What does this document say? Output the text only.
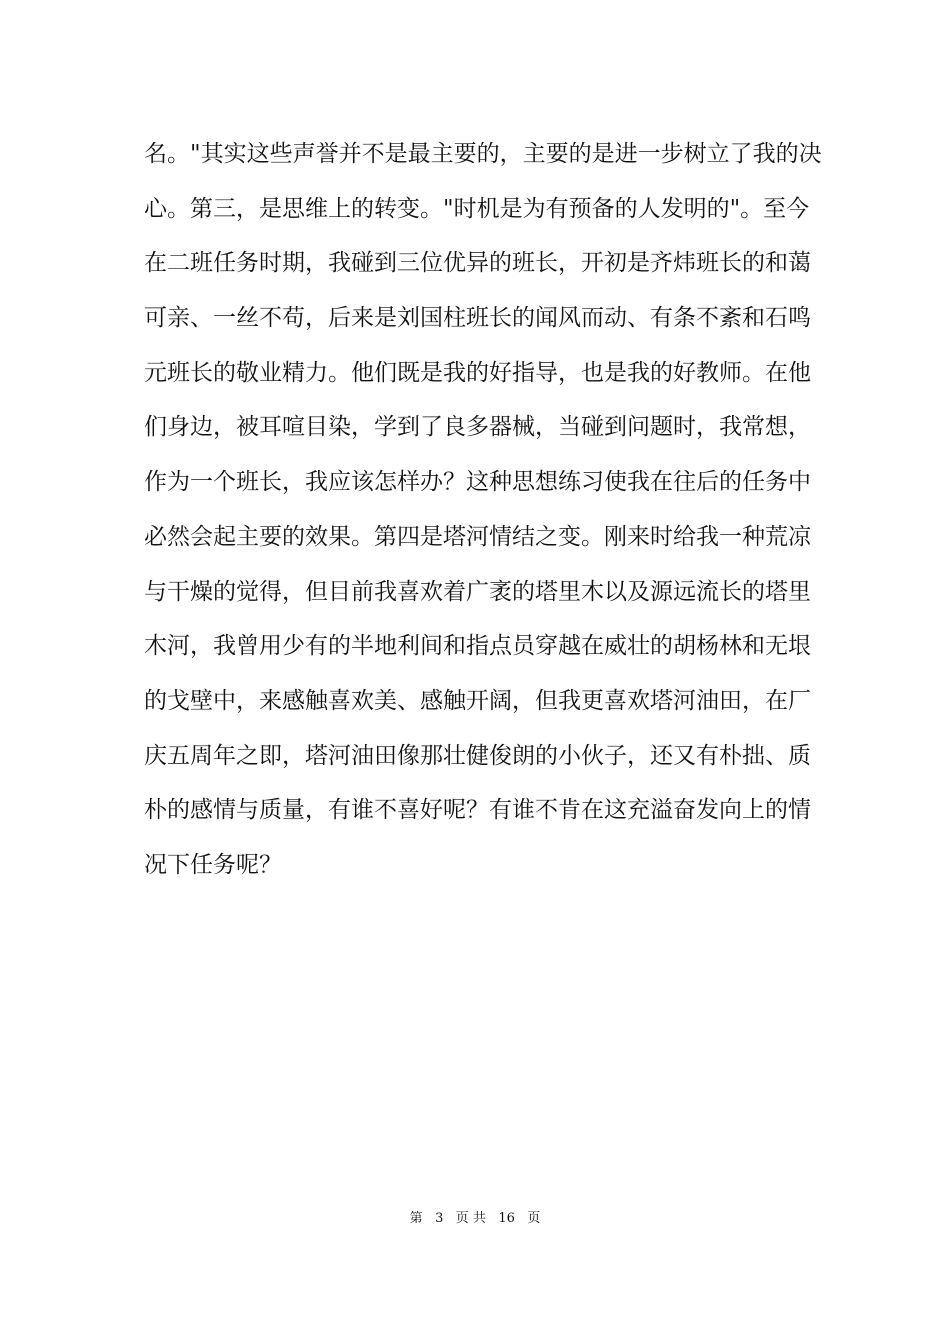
名。"其实这些声誉并不是最主要的，主要的是进一步树立了我的决
心。第三，是思维上的转变。"时机是为有预备的人发明的"。至今
在二班任务时期，我碰到三位优异的班长，开初是齐炜班长的和蔼
可亲、一丝不苟，后来是刘国柱班长的闻风而动、有条不紊和石鸣
元班长的敬业精力。他们既是我的好指导，也是我的好教师。在他
们身边，被耳喧目染，学到了良多器械，当碰到问题时，我常想，
作为一个班长，我应该怎样办？这种思想练习使我在往后的任务中
必然会起主要的效果。第四是塔河情结之变。刚来时给我一种荒凉
与干燥的觉得，但目前我喜欢着广袤的塔里木以及源远流长的塔里
木河，我曾用少有的半地利间和指点员穿越在威壮的胡杨林和无垠
的戈壁中，来感触喜欢美、感触开阔，但我更喜欢塔河油田，在厂
庆五周年之即，塔河油田像那壮健俊朗的小伙子，还又有朴拙、质
朴的感情与质量，有谁不喜好呢？有谁不肯在这充溢奋发向上的情
况下任务呢？
第 3 页 共 16 页
